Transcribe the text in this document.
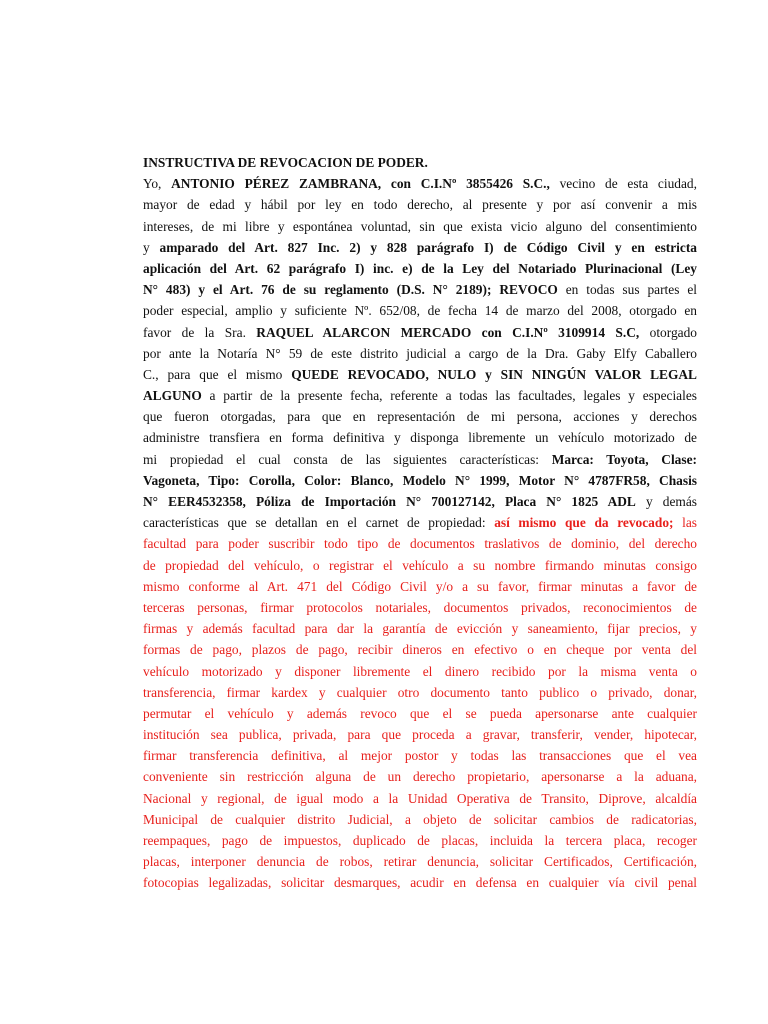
INSTRUCTIVA DE REVOCACION DE PODER.
Yo, ANTONIO PÉREZ ZAMBRANA, con C.I.Nº 3855426 S.C., vecino de esta ciudad,
mayor de edad y hábil por ley en todo derecho, al presente y por así convenir a mis
intereses, de mi libre y espontánea voluntad, sin que exista vicio alguno del consentimiento
y amparado del Art. 827 Inc. 2) y 828 parágrafo I) de Código Civil y en estricta
aplicación del Art. 62 parágrafo I) inc. e) de la Ley del Notariado Plurinacional (Ley
N° 483) y el Art. 76 de su reglamento (D.S. N° 2189); REVOCO en todas sus partes el
poder especial, amplio y suficiente Nº. 652/08, de fecha 14 de marzo del 2008, otorgado en
favor de la Sra. RAQUEL ALARCON MERCADO con C.I.Nº 3109914 S.C, otorgado
por ante la Notaría N° 59 de este distrito judicial a cargo de la Dra. Gaby Elfy Caballero
C., para que el mismo QUEDE REVOCADO, NULO y SIN NINGÚN VALOR LEGAL
ALGUNO a partir de la presente fecha, referente a todas las facultades, legales y especiales
que fueron otorgadas, para que en representación de mi persona, acciones y derechos
administre transfiera en forma definitiva y disponga libremente un vehículo motorizado de
mi propiedad el cual consta de las siguientes características: Marca: Toyota, Clase:
Vagoneta, Tipo: Corolla, Color: Blanco, Modelo N° 1999, Motor N° 4787FR58, Chasis
N° EER4532358, Póliza de Importación N° 700127142, Placa N° 1825 ADL y demás
características que se detallan en el carnet de propiedad: así mismo que da revocado; las
facultad para poder suscribir todo tipo de documentos traslativos de dominio, del derecho
de propiedad del vehículo, o registrar el vehículo a su nombre firmando minutas consigo
mismo conforme al Art. 471 del Código Civil y/o a su favor, firmar minutas a favor de
terceras personas, firmar protocolos notariales, documentos privados, reconocimientos de
firmas y además facultad para dar la garantía de evicción y saneamiento, fijar precios, y
formas de pago, plazos de pago, recibir dineros en efectivo o en cheque por venta del
vehículo motorizado y disponer libremente el dinero recibido por la misma venta o
transferencia, firmar kardex y cualquier otro documento tanto publico o privado, donar,
permutar el vehículo y además revoco que el se pueda apersonarse ante cualquier
institución sea publica, privada, para que proceda a gravar, transferir, vender, hipotecar,
firmar transferencia definitiva, al mejor postor y todas las transacciones que el vea
conveniente sin restricción alguna de un derecho propietario, apersonarse a la aduana,
Nacional y regional, de igual modo a la Unidad Operativa de Transito, Diprove, alcaldía
Municipal de cualquier distrito Judicial, a objeto de solicitar cambios de radicatorias,
reempaques, pago de impuestos, duplicado de placas, incluida la tercera placa, recoger
placas, interponer denuncia de robos, retirar denuncia, solicitar Certificados, Certificación,
fotocopias legalizadas, solicitar desmarques, acudir en defensa en cualquier vía civil penal
